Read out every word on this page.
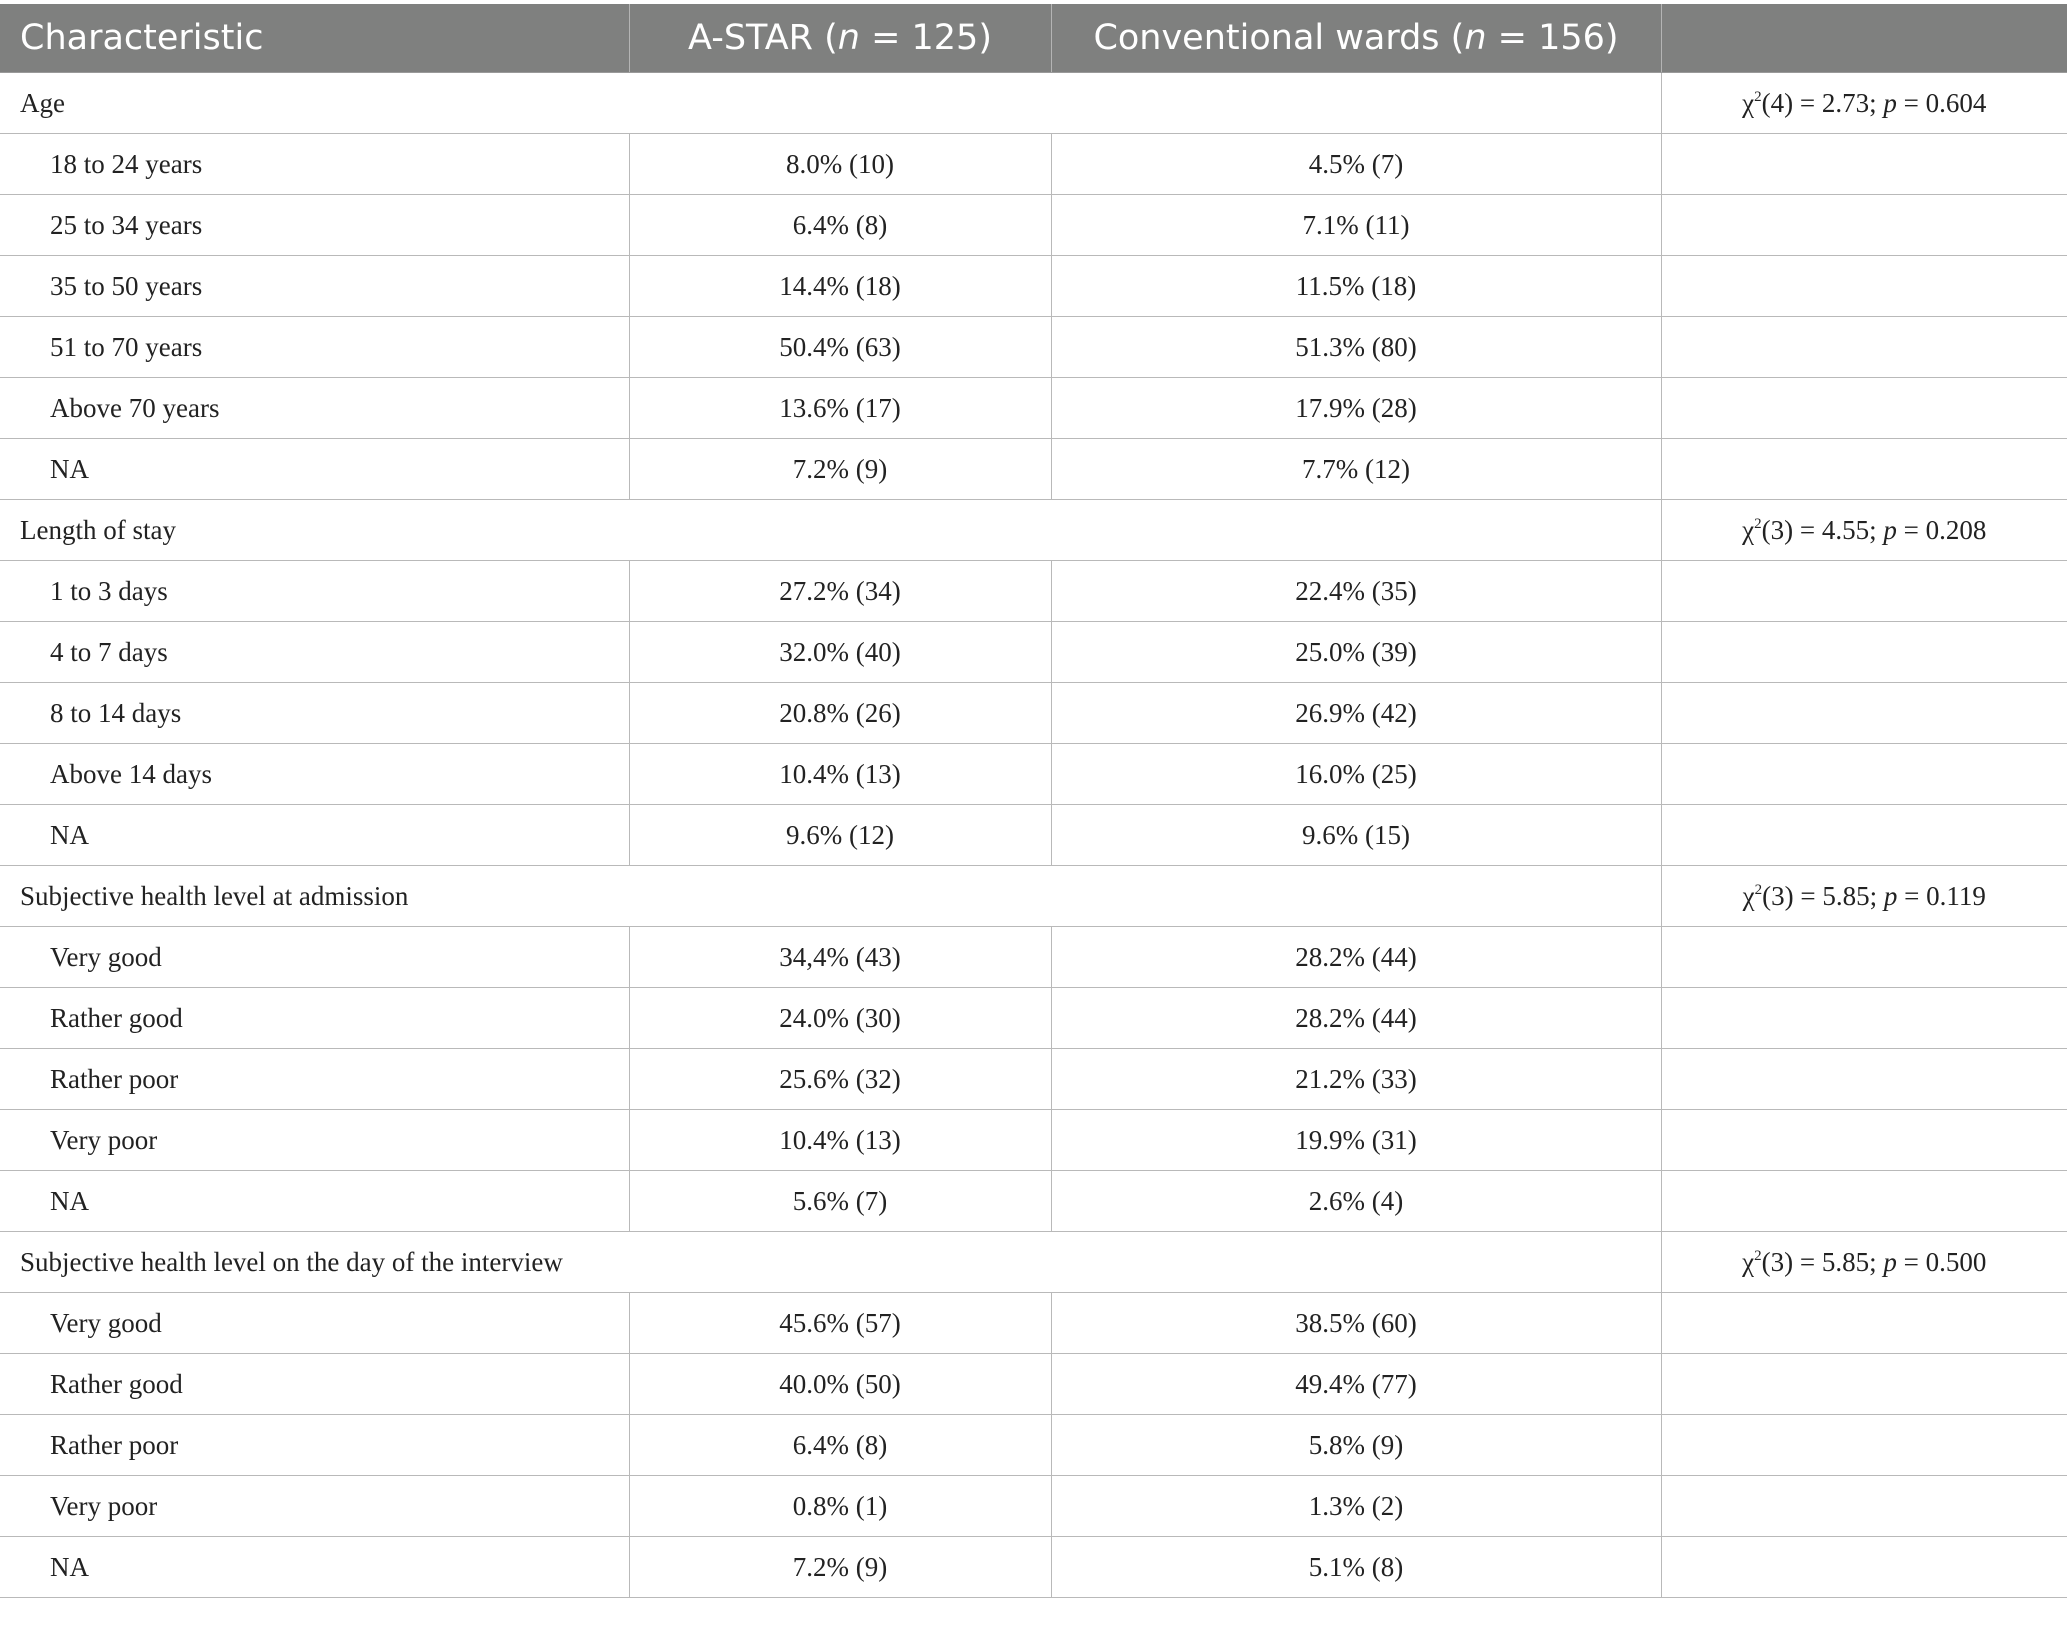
Characteristic	A-STAR (n = 125)	Conventional wards (n = 156)	
Age			$\chi^2(4) = 2.73$; p = 0.604
18 to 24 years	8.0% (10)	4.5% (7)	
25 to 34 years	6.4% (8)	7.1% (11)	
35 to 50 years	14.4% (18)	11.5% (18)	
51 to 70 years	50.4% (63)	51.3% (80)	
Above 70 years	13.6% (17)	17.9% (28)	
NA	7.2% (9)	7.7% (12)	
Length of stay			$\chi^2(3) = 4.55$; p = 0.208
1 to 3 days	27.2% (34)	22.4% (35)	
4 to 7 days	32.0% (40)	25.0% (39)	
8 to 14 days	20.8% (26)	26.9% (42)	
Above 14 days	10.4% (13)	16.0% (25)	
NA	9.6% (12)	9.6% (15)	
Subjective health level at admission			$\chi^2(3) = 5.85$; p = 0.119
Very good	34,4% (43)	28.2% (44)	
Rather good	24.0% (30)	28.2% (44)	
Rather poor	25.6% (32)	21.2% (33)	
Very poor	10.4% (13)	19.9% (31)	
NA	5.6% (7)	2.6% (4)	
Subjective health level on the day of the interview			$\chi^2(3) = 5.85$; p = 0.500
Very good	45.6% (57)	38.5% (60)	
Rather good	40.0% (50)	49.4% (77)	
Rather poor	6.4% (8)	5.8% (9)	
Very poor	0.8% (1)	1.3% (2)	
NA	7.2% (9)	5.1% (8)	
